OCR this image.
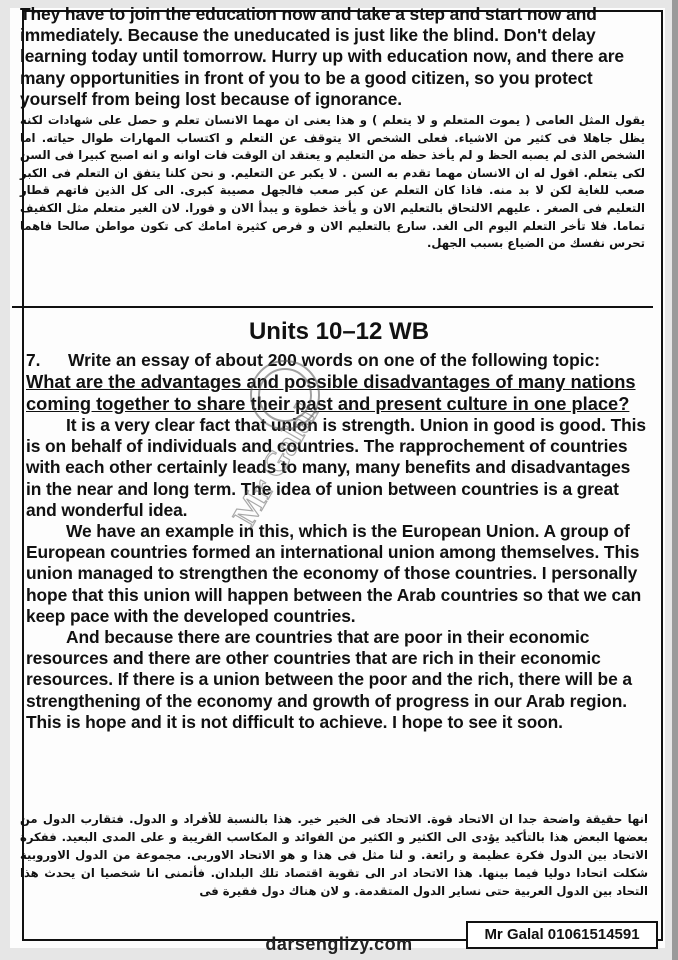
They have to join the education now and take a step and start now and immediately. Because the uneducated is just like the blind. Don't delay learning today until tomorrow. Hurry up with education now, and there are many opportunities in front of you to be a good citizen, so you protect yourself from being lost because of ignorance.

يقول المثل العامى ( يموت المتعلم و لا يتعلم ) و هذا يعنى ان مهما الانسان تعلم و حصل على شهادات لكنه يظل جاهلا فى كثير من الاشياء. فعلى الشخص الا يتوقف عن التعلم و اكتساب المهارات طوال حياته. اما الشخص الذى لم يصبه الحظ و لم يأخذ حظه من التعليم و يعتقد ان الوقت فات اوانه و انه اصبح كبيرا فى السن لكى يتعلم. اقول له ان الانسان مهما تقدم به السن . لا يكبر عن التعليم. و نحن كلنا يتفق ان التعلم فى الكبر صعب للغاية لكن لا بد منه. فاذا كان التعلم عن كبر صعب فالجهل مصيبة كبرى. الى كل الذين فاتهم قطار التعليم فى الصغر . عليهم الالتحاق بالتعليم الان و يأخذ خطوة و يبدأ الان و فورا. لان الغير متعلم مثل الكفيف تماما. فلا تأخر التعلم اليوم الى الغد. سارع بالتعليم الان و فرص كثيرة امامك كى تكون مواطن صالحا فاهما تحرس نفسك من الضياع بسبب الجهل.

Units 10–12 WB

7. Write an essay of about 200 words on one of the following topic:

What are the advantages and possible disadvantages of many nations coming together to share their past and present culture in one place?

It is a very clear fact that union is strength. Union in good is good. This is on behalf of individuals and countries. The rapprochement of countries with each other certainly leads to many, many benefits and disadvantages in the near and long term. The idea of union between countries is a great and wonderful idea.

We have an example in this, which is the European Union. A group of European countries formed an international union among themselves. This union managed to strengthen the economy of those countries. I personally hope that this union will happen between the Arab countries so that we can keep pace with the developed countries.

And because there are countries that are poor in their economic resources and there are other countries that are rich in their economic resources. If there is a union between the poor and the rich, there will be a strengthening of the economy and growth of progress in our Arab region. This is hope and it is not difficult to achieve. I hope to see it soon.

انها حقيقة واضحة جدا ان الاتحاد قوة. الاتحاد فى الخير خير. هذا بالنسبة للأفراد و الدول. فتقارب الدول من بعضها البعض هذا بالتأكيد يؤدى الى الكثير و الكثير من الفوائد و المكاسب القريبة و على المدى البعيد. ففكرة الاتحاد بين الدول فكرة عظيمة و رائعة. و لنا مثل فى هذا و هو الاتحاد الاوربى. مجموعة من الدول الاوروبية شكلت اتحادا دوليا فيما بينها. هذا الاتحاد ادر الى تقوية اقتصاد تلك البلدان. فأتمنى انا شخصيا ان يحدث هذا التحاد بين الدول العربية حتى نساير الدول المتقدمة. و لان هناك دول فقيرة فى

Mr Galal
darsenglizy.com	Mr Galal 01061514591
